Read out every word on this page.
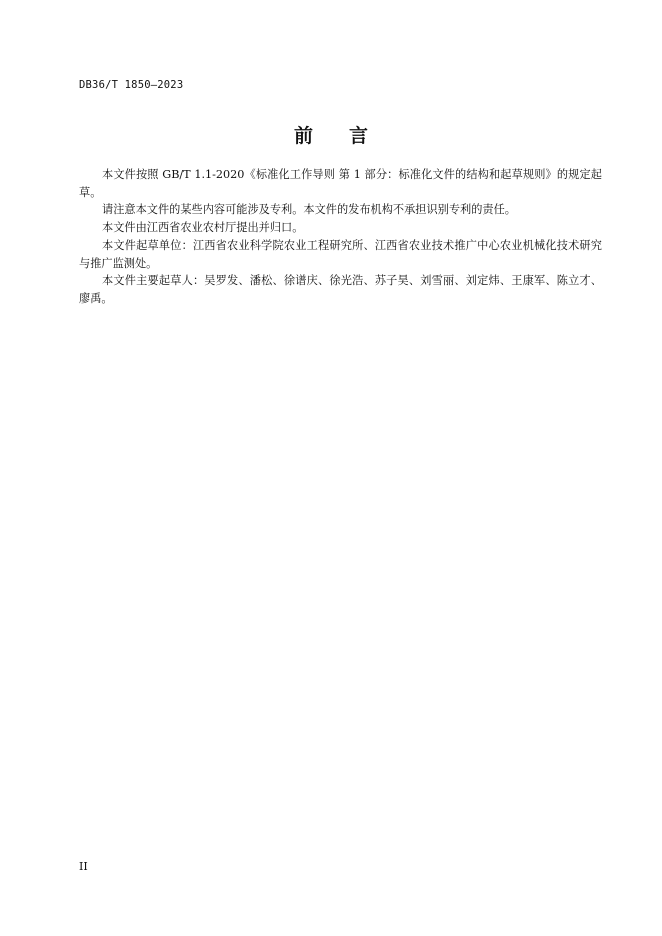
DB36/T 1850—2023
前 言

本文件按照 GB/T 1.1-2020《标准化工作导则 第 1 部分：标准化文件的结构和起草规则》的规定起草。

请注意本文件的某些内容可能涉及专利。本文件的发布机构不承担识别专利的责任。

本文件由江西省农业农村厅提出并归口。

本文件起草单位：江西省农业科学院农业工程研究所、江西省农业技术推广中心农业机械化技术研究与推广监测处。

本文件主要起草人：吴罗发、潘松、徐谱庆、徐光浩、苏子昊、刘雪丽、刘定炜、王康军、陈立才、廖禹。

II
